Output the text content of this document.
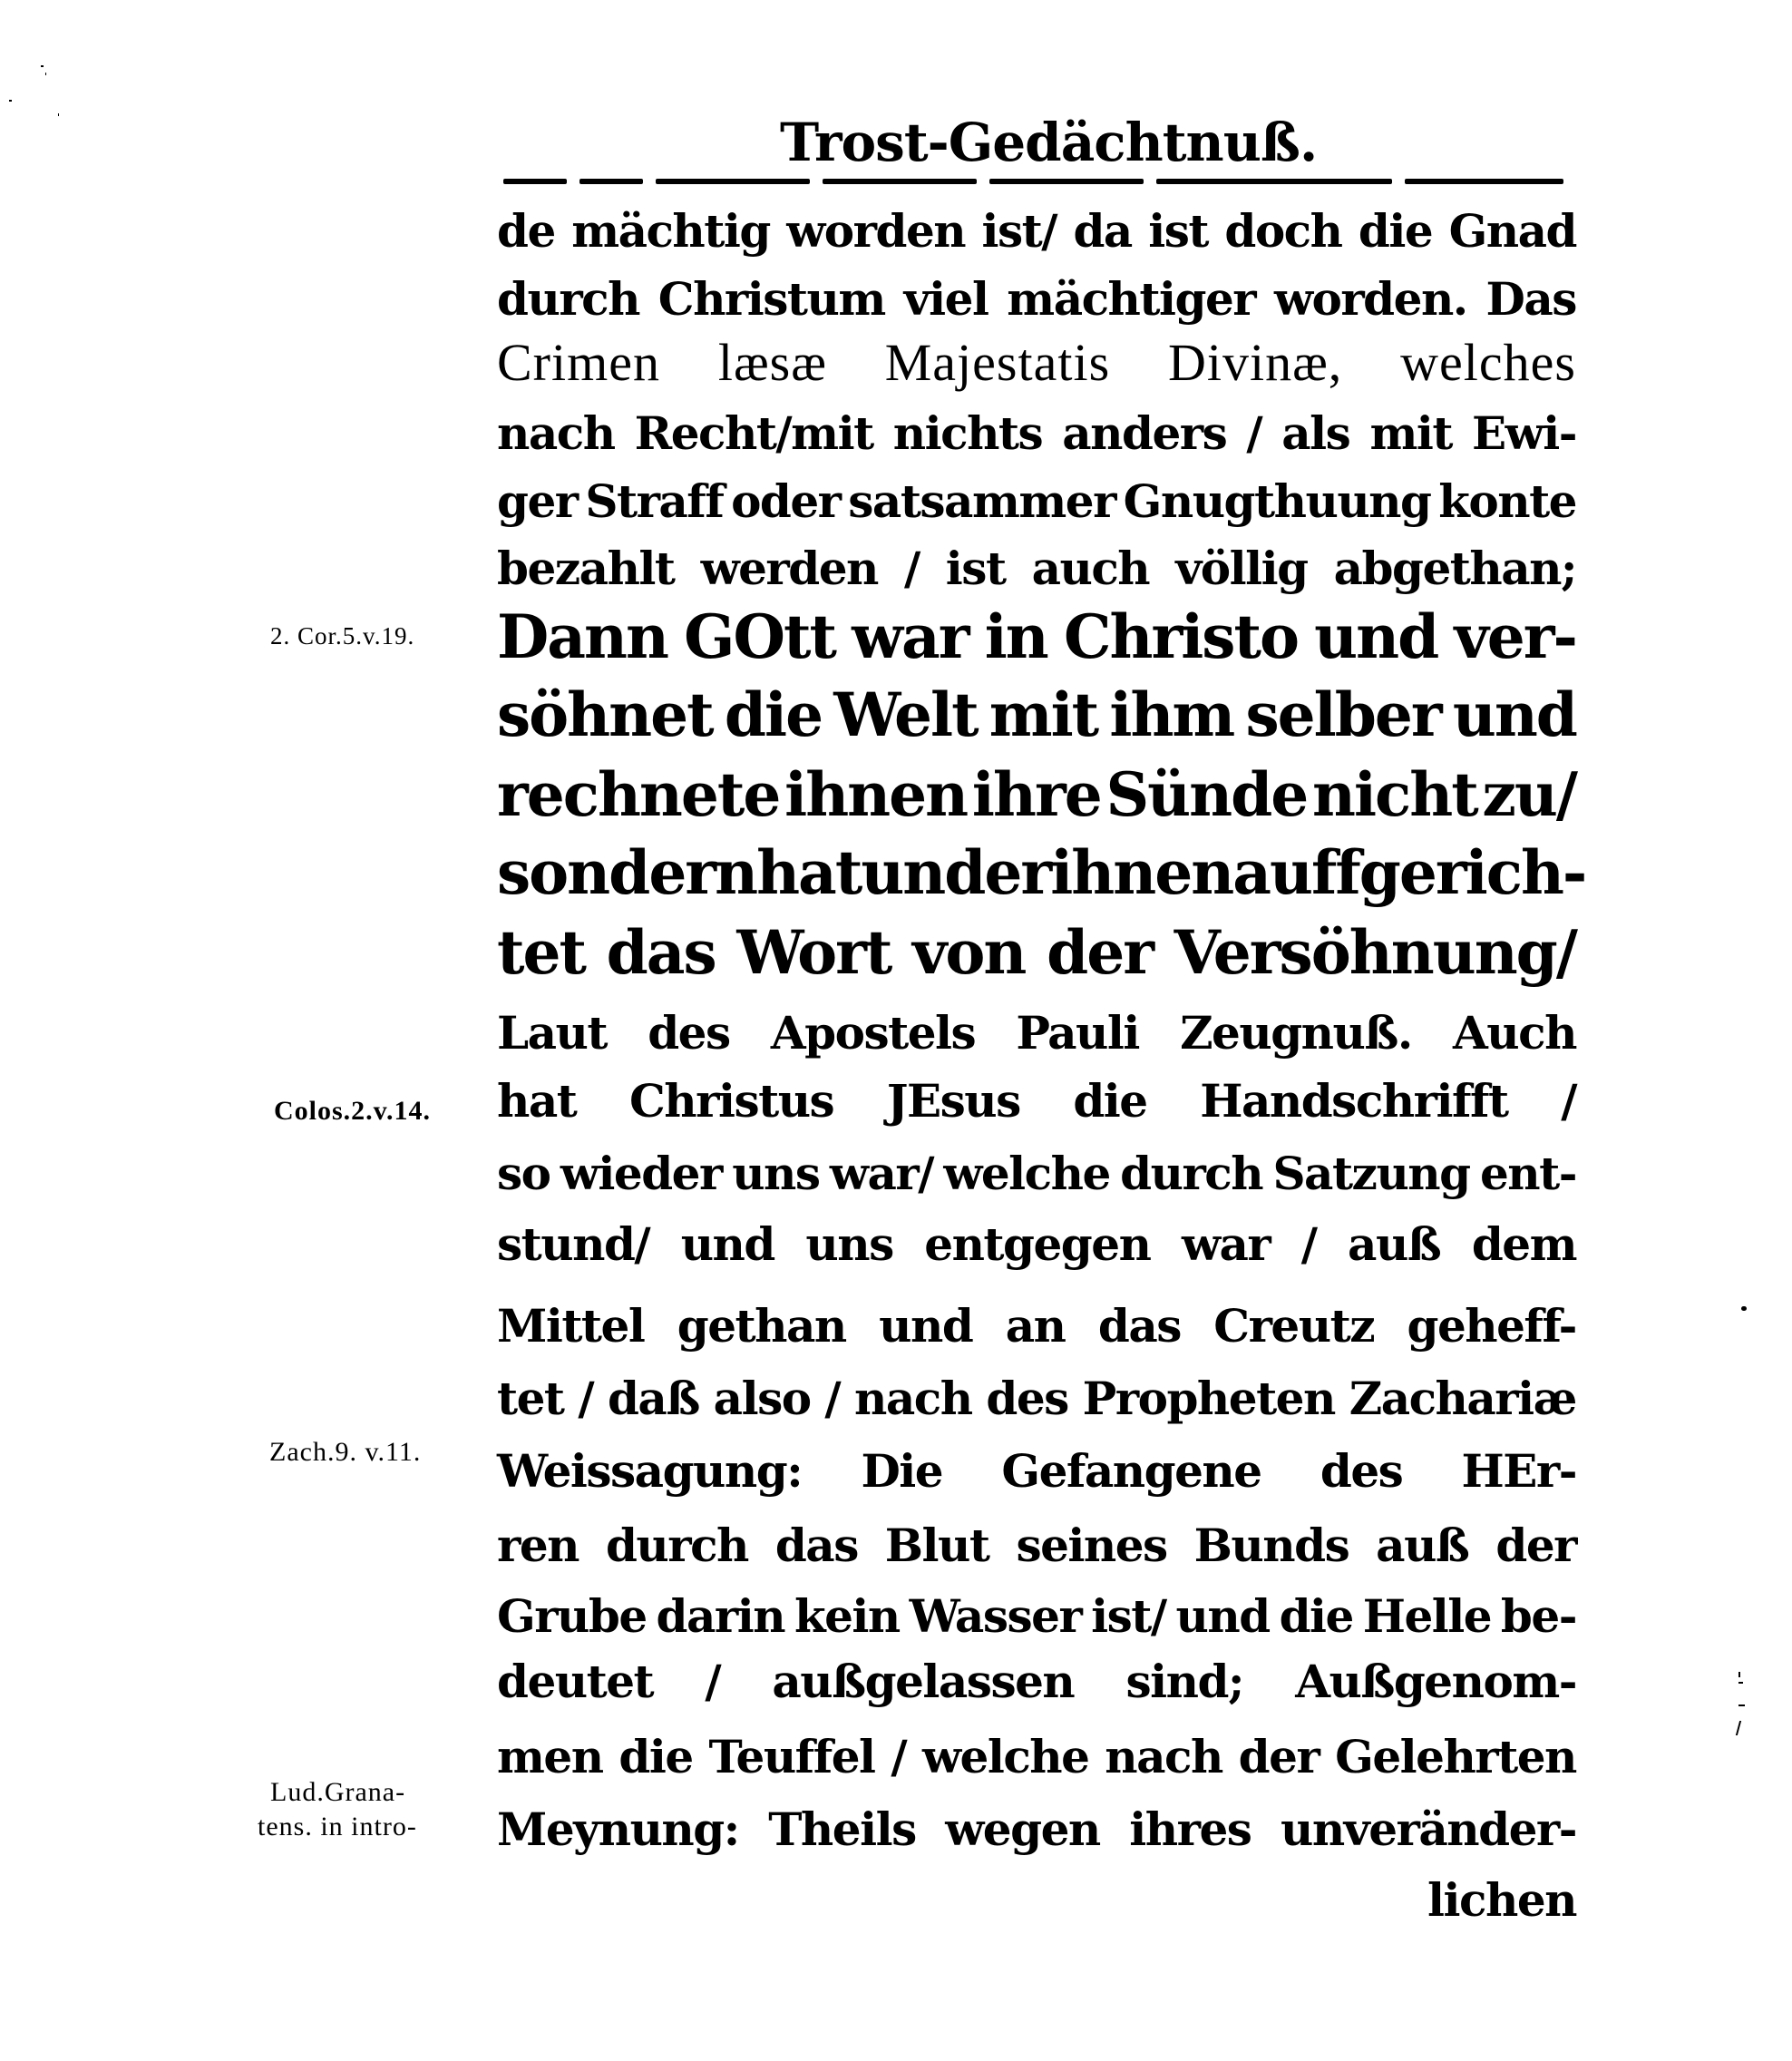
Trost-Gedächtnuß.
2. Cor.5.v.19.
Colos.2.v.14.
Zach.9. v.11.
Lud.Grana-
tens. in intro-
de mächtig worden ist/ da ist doch die Gnad
durch Christum viel mächtiger worden. Das
Crimen læsæ Majestatis Divinæ, welches
nach Recht/mit nichts anders / als mit Ewi-
ger Straff oder satsammer Gnugthuung konte
bezahlt werden / ist auch völlig abgethan;
Dann GOtt war in Christo und ver-
söhnet die Welt mit ihm selber und
rechnete ihnen ihre Sünde nicht zu/
sondern hat under ihnen auffgerich-
tet das Wort von der Versöhnung/
Laut des Apostels Pauli Zeugnuß. Auch
hat Christus JEsus die Handschrifft /
so wieder uns war/ welche durch Satzung ent-
stund/ und uns entgegen war / auß dem
Mittel gethan und an das Creutz geheff-
tet / daß also / nach des Propheten Zachariæ
Weissagung: Die Gefangene des HEr-
ren durch das Blut seines Bunds auß der
Grube darin kein Wasser ist/ und die Helle be-
deutet / außgelassen sind; Außgenom-
men die Teuffel / welche nach der Gelehrten
Meynung: Theils wegen ihres unveränder-
lichen
